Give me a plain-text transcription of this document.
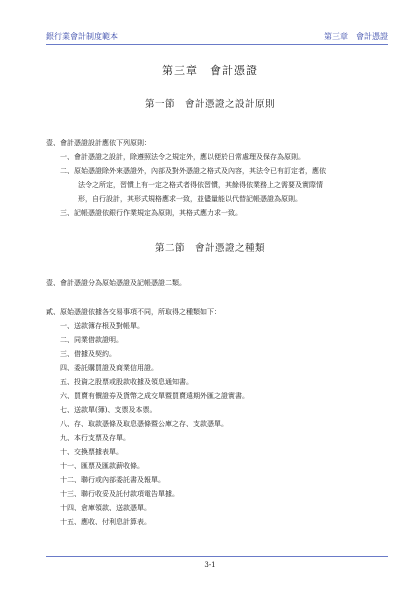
銀行業會計制度範本	第三章　會計憑證
第三章　會計憑證
第一節　會計憑證之設計原則
壹、會計憑證設計應依下列原則：
一、會計憑證之設計，除遵照法令之規定外，應以便於日常處理及保存為原則。
二、原始憑證除外來憑證外，內部及對外憑證之格式及內容，其法令已有訂定者，應依
法令之所定，習慣上有一定之格式者得依習慣，其餘得依業務上之需要及實際情
形，自行設計，其形式規格應求一致，並儘量能以代替記帳憑證為原則。
三、記帳憑證依銀行作業規定為原則，其格式應力求一致。
第二節　會計憑證之種類
壹、會計憑證分為原始憑證及記帳憑證二類。
貳、原始憑證依據各交易事項不同，所取得之種類如下：
一、送款簿存根及對帳單。
二、同業借款證明。
三、借據及契約。
四、委託購買證及商業信用證。
五、投資之股票或股款收據及領息通知書。
六、買賣有價證券及貨幣之成交單暨買賣遠期外匯之證實書。
七、送款單(簿)、支票及本票。
八、存、取款憑條及取息憑條暨公庫之存、支款憑單。
九、本行支票及存單。
十、交換票據表單。
十一、匯票及匯款薪收條。
十二、聯行或內部委託書及報單。
十三、聯行收妥及託付款項電告單據。
十四、倉庫領款、送款憑單。
十五、應收、付利息計算表。
3-1
